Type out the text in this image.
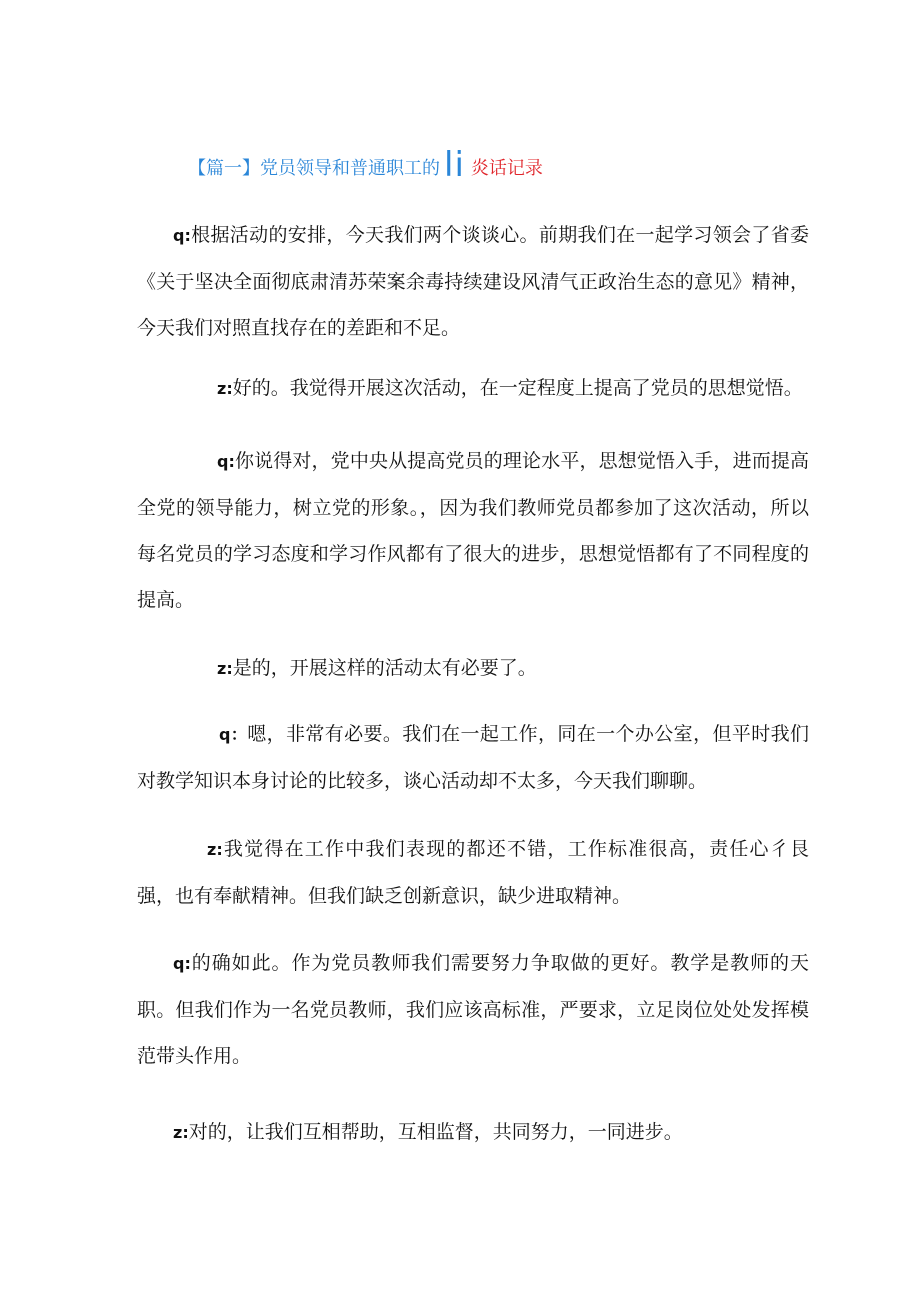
【篇一】党员领导和普通职工的 li 炎话记录

q:根据活动的安排，今天我们两个谈谈心。前期我们在一起学习领会了省委《关于坚决全面彻底肃清苏荣案余毒持续建设风清气正政治生态的意见》精神，今天我们对照直找存在的差距和不足。

z:好的。我觉得开展这次活动，在一定程度上提高了党员的思想觉悟。

q:你说得对，党中央从提高党员的理论水平，思想觉悟入手，进而提高全党的领导能力，树立党的形象。，因为我们教师党员都参加了这次活动，所以每名党员的学习态度和学习作风都有了很大的进步，思想觉悟都有了不同程度的提高。

z:是的，开展这样的活动太有必要了。

q：嗯，非常有必要。我们在一起工作，同在一个办公室，但平时我们对教学知识本身讨论的比较多，谈心活动却不太多，今天我们聊聊。

z:我觉得在工作中我们表现的都还不错，工作标准很高，责任心彳艮强，也有奉献精神。但我们缺乏创新意识，缺少进取精神。

q:的确如此。作为党员教师我们需要努力争取做的更好。教学是教师的天职。但我们作为一名党员教师，我们应该高标准，严要求，立足岗位处处发挥模范带头作用。

z:对的，让我们互相帮助，互相监督，共同努力，一同进步。
